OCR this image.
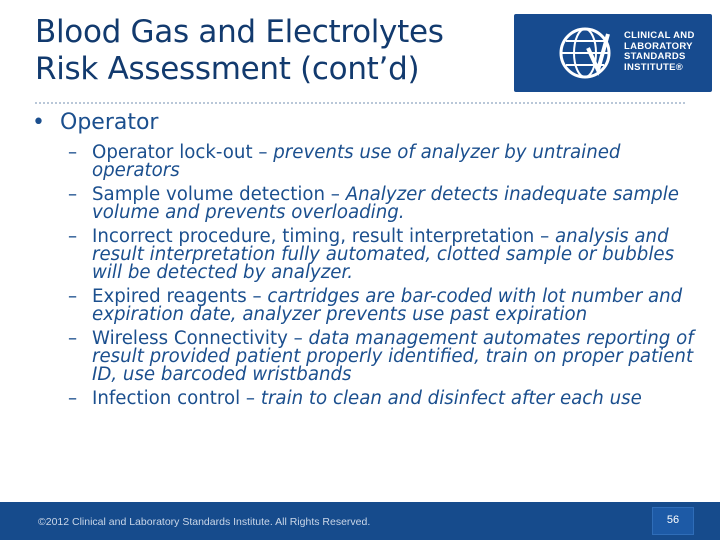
Blood Gas and Electrolytes
Risk Assessment (cont’d)
CLINICAL AND
LABORATORY
STANDARDS
INSTITUTE®
• Operator
– Operator lock-out – prevents use of analyzer by untrained operators
– Sample volume detection – Analyzer detects inadequate sample volume and prevents overloading.
– Incorrect procedure, timing, result interpretation – analysis and result interpretation fully automated, clotted sample or bubbles will be detected by analyzer.
– Expired reagents – cartridges are bar-coded with lot number and expiration date, analyzer prevents use past expiration
– Wireless Connectivity – data management automates reporting of result provided patient properly identified, train on proper patient ID, use barcoded wristbands
– Infection control – train to clean and disinfect after each use
©2012 Clinical and Laboratory Standards Institute. All Rights Reserved.	56
